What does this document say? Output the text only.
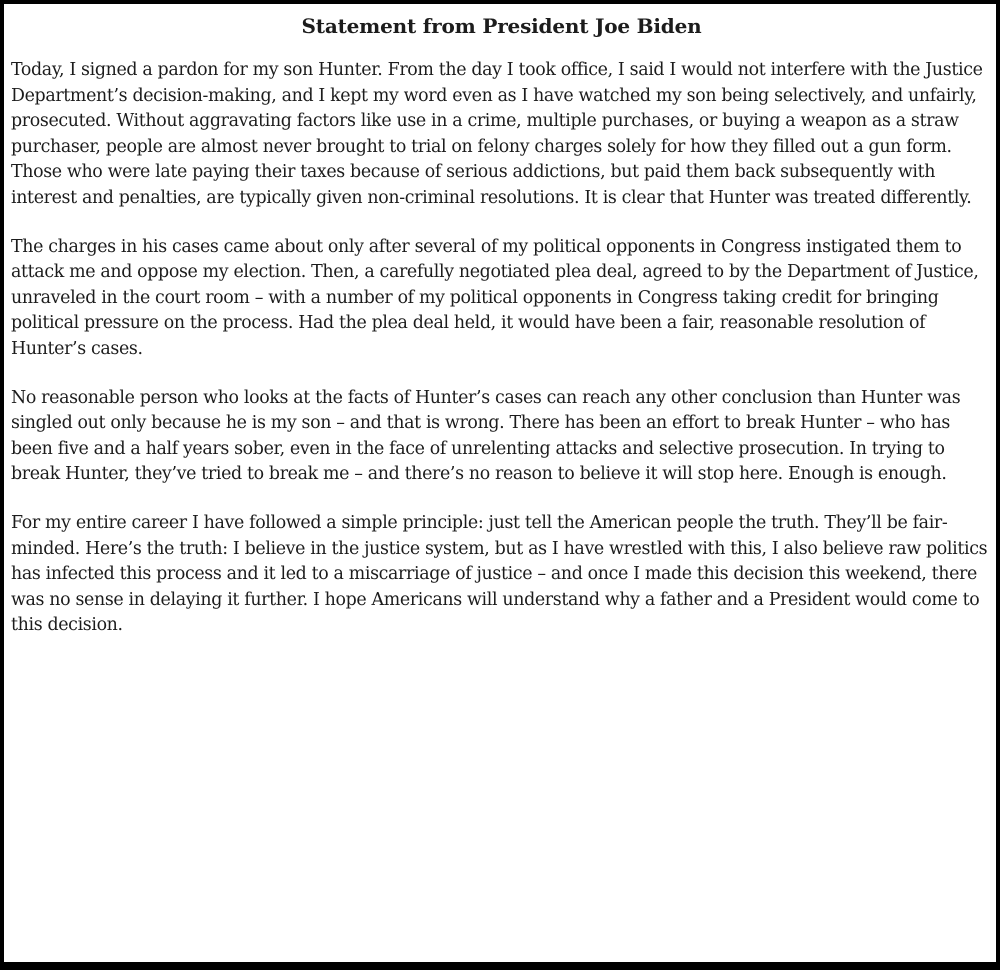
Statement from President Joe Biden

Today, I signed a pardon for my son Hunter. From the day I took office, I said I would not interfere with the Justice Department’s decision-making, and I kept my word even as I have watched my son being selectively, and unfairly, prosecuted. Without aggravating factors like use in a crime, multiple purchases, or buying a weapon as a straw purchaser, people are almost never brought to trial on felony charges solely for how they filled out a gun form. Those who were late paying their taxes because of serious addictions, but paid them back subsequently with interest and penalties, are typically given non-criminal resolutions. It is clear that Hunter was treated differently.

The charges in his cases came about only after several of my political opponents in Congress instigated them to attack me and oppose my election. Then, a carefully negotiated plea deal, agreed to by the Department of Justice, unraveled in the court room – with a number of my political opponents in Congress taking credit for bringing political pressure on the process. Had the plea deal held, it would have been a fair, reasonable resolution of Hunter’s cases.

No reasonable person who looks at the facts of Hunter’s cases can reach any other conclusion than Hunter was singled out only because he is my son – and that is wrong. There has been an effort to break Hunter – who has been five and a half years sober, even in the face of unrelenting attacks and selective prosecution. In trying to break Hunter, they’ve tried to break me – and there’s no reason to believe it will stop here. Enough is enough.

For my entire career I have followed a simple principle: just tell the American people the truth. They’ll be fair-minded. Here’s the truth: I believe in the justice system, but as I have wrestled with this, I also believe raw politics has infected this process and it led to a miscarriage of justice – and once I made this decision this weekend, there was no sense in delaying it further. I hope Americans will understand why a father and a President would come to this decision.
